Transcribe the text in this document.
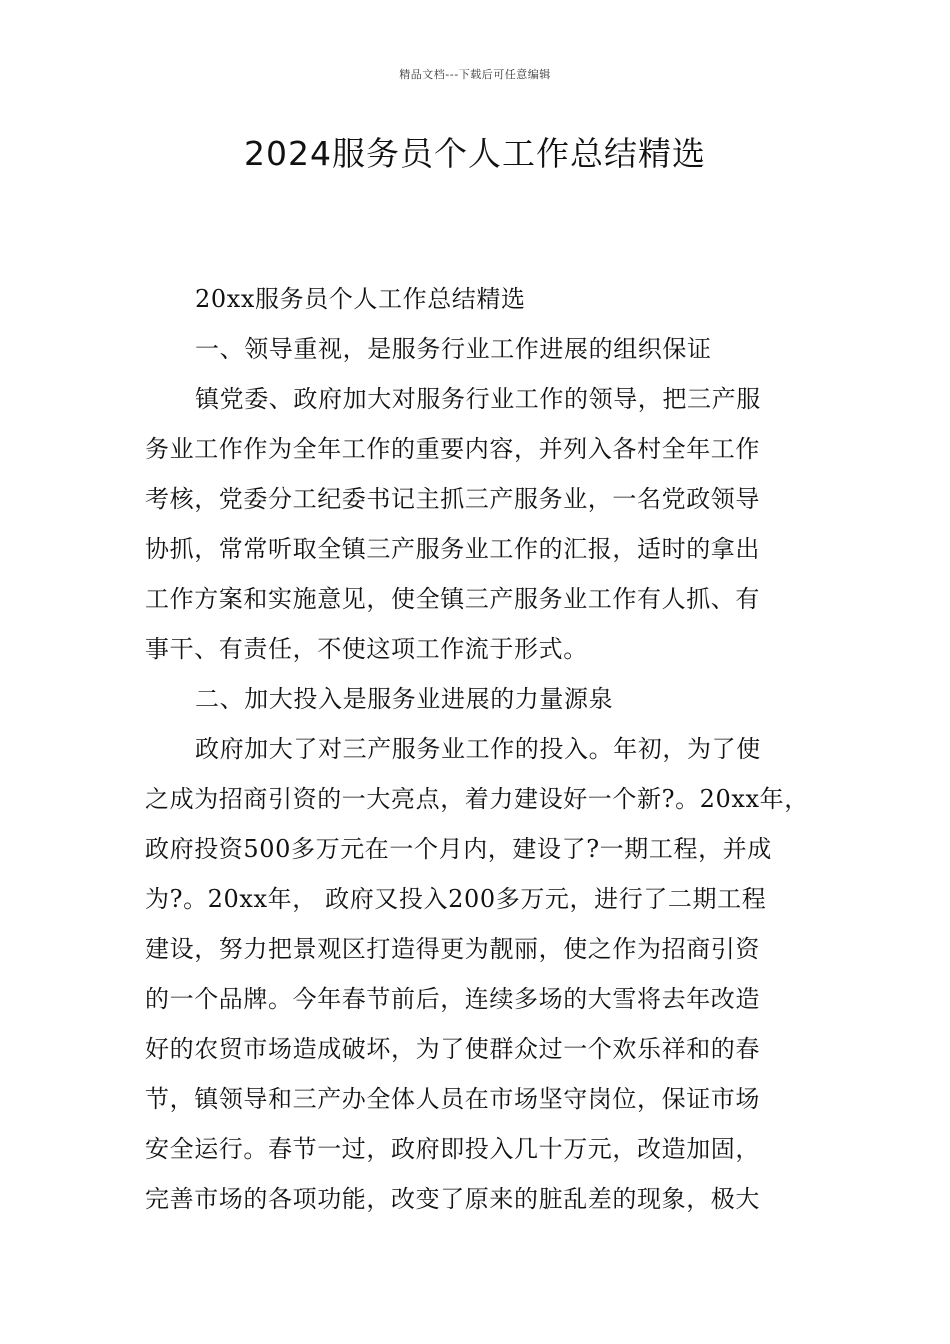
精品文档---下载后可任意编辑
2024服务员个人工作总结精选
20xx服务员个人工作总结精选
一、领导重视，是服务行业工作进展的组织保证
镇党委、政府加大对服务行业工作的领导，把三产服
务业工作作为全年工作的重要内容，并列入各村全年工作
考核，党委分工纪委书记主抓三产服务业，一名党政领导
协抓，常常听取全镇三产服务业工作的汇报，适时的拿出
工作方案和实施意见，使全镇三产服务业工作有人抓、有
事干、有责任，不使这项工作流于形式。
二、加大投入是服务业进展的力量源泉
政府加大了对三产服务业工作的投入。年初，为了使
之成为招商引资的一大亮点，着力建设好一个新?。20xx年，
政府投资500多万元在一个月内，建设了?一期工程，并成
为?。20xx年， 政府又投入200多万元，进行了二期工程
建设，努力把景观区打造得更为靓丽，使之作为招商引资
的一个品牌。今年春节前后，连续多场的大雪将去年改造
好的农贸市场造成破坏，为了使群众过一个欢乐祥和的春
节，镇领导和三产办全体人员在市场坚守岗位，保证市场
安全运行。春节一过，政府即投入几十万元，改造加固，
完善市场的各项功能，改变了原来的脏乱差的现象，极大
